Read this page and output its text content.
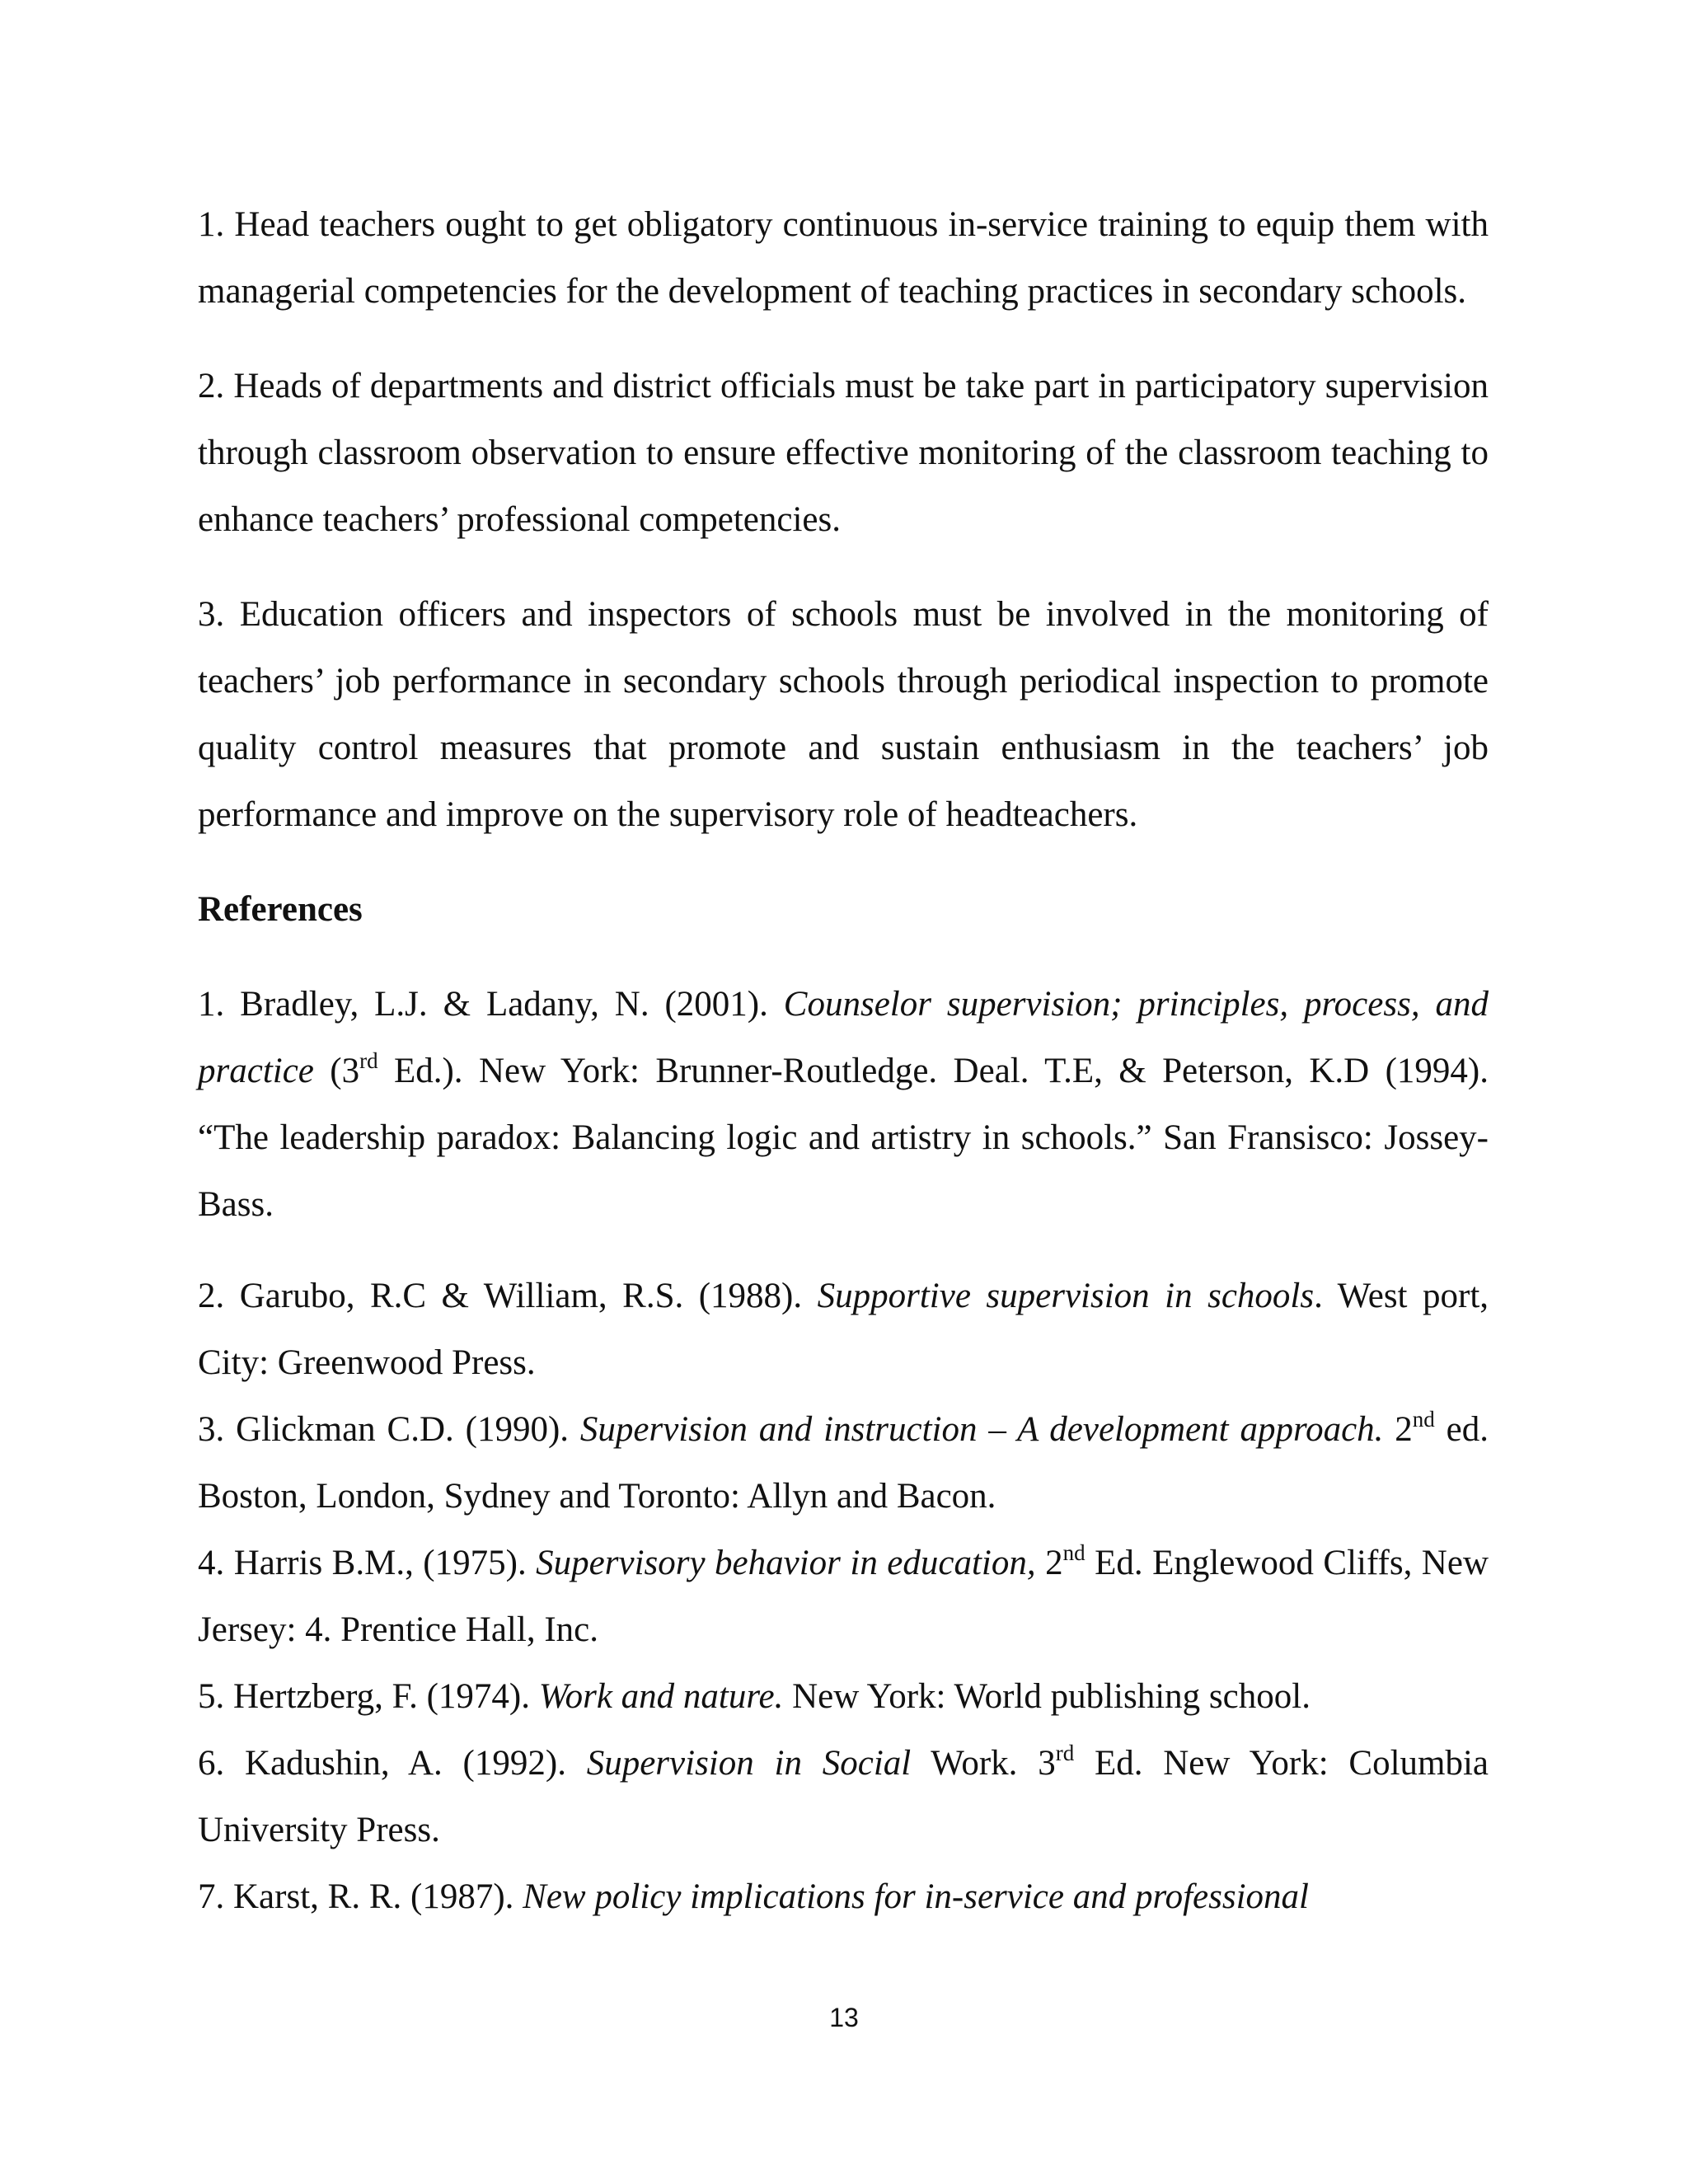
1. Head teachers ought to get obligatory continuous in-service training to equip them with managerial competencies for the development of teaching practices in secondary schools.

2. Heads of departments and district officials must be take part in participatory supervision through classroom observation to ensure effective monitoring of the classroom teaching to enhance teachers’ professional competencies.

3. Education officers and inspectors of schools must be involved in the monitoring of teachers’ job performance in secondary schools through periodical inspection to promote quality control measures that promote and sustain enthusiasm in the teachers’ job performance and improve on the supervisory role of headteachers.

References

1. Bradley, L.J. & Ladany, N. (2001). Counselor supervision; principles, process, and practice (3rd Ed.). New York: Brunner-Routledge. Deal. T.E, & Peterson, K.D (1994). “The leadership paradox: Balancing logic and artistry in schools.” San Fransisco: Jossey-Bass.

2. Garubo, R.C & William, R.S. (1988). Supportive supervision in schools. West port, City: Greenwood Press.

3. Glickman C.D. (1990). Supervision and instruction – A development approach. 2nd ed. Boston, London, Sydney and Toronto: Allyn and Bacon.

4. Harris B.M., (1975). Supervisory behavior in education, 2nd Ed. Englewood Cliffs, New Jersey: 4. Prentice Hall, Inc.

5. Hertzberg, F. (1974). Work and nature. New York: World publishing school.

6. Kadushin, A. (1992). Supervision in Social Work. 3rd Ed. New York: Columbia University Press.

7. Karst, R. R. (1987). New policy implications for in-service and professional

13
